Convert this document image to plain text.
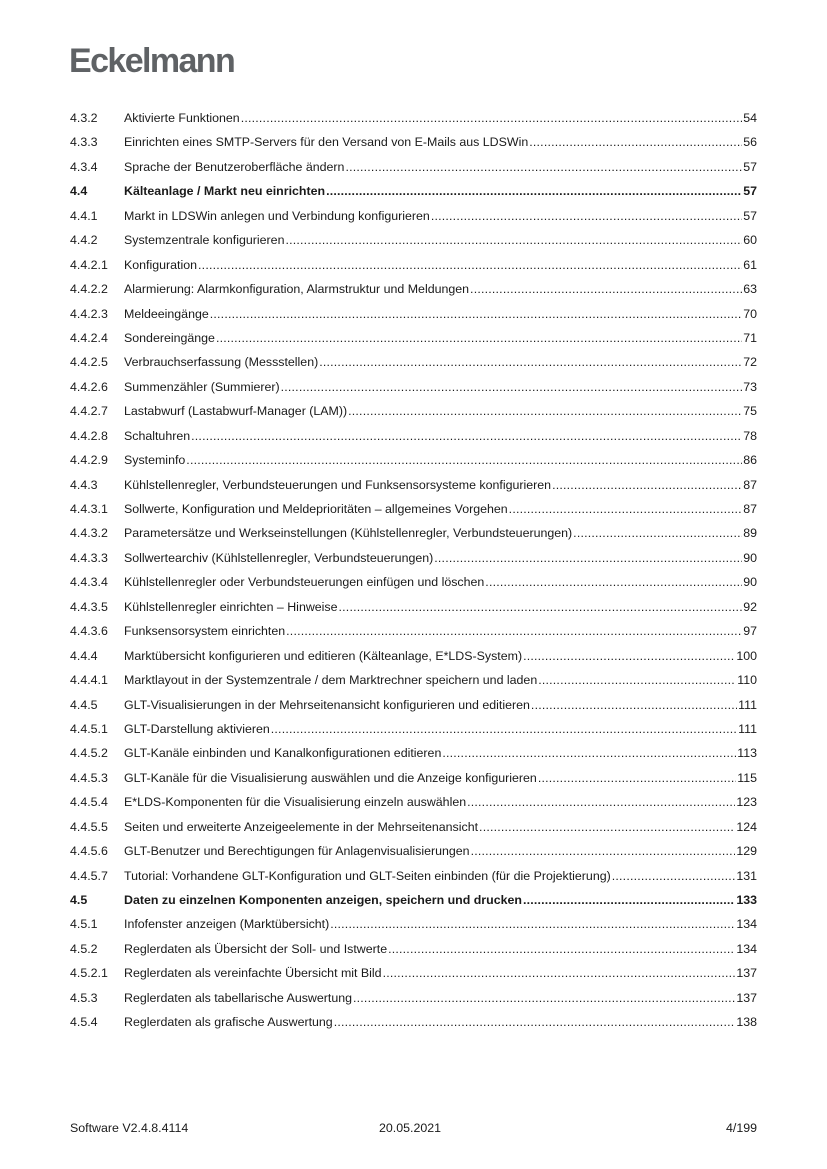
Eckelmann
4.3.2	Aktivierte Funktionen .....	54
4.3.3	Einrichten eines SMTP-Servers für den Versand von E-Mails aus LDSWin .....	56
4.3.4	Sprache der Benutzeroberfläche ändern .....	57
4.4	Kälteanlage / Markt neu einrichten .....	57
4.4.1	Markt in LDSWin anlegen und Verbindung konfigurieren .....	57
4.4.2	Systemzentrale konfigurieren .....	60
4.4.2.1	Konfiguration .....	61
4.4.2.2	Alarmierung: Alarmkonfiguration, Alarmstruktur und Meldungen .....	63
4.4.2.3	Meldeeingänge .....	70
4.4.2.4	Sondereingänge .....	71
4.4.2.5	Verbrauchserfassung (Messstellen) .....	72
4.4.2.6	Summenzähler (Summierer) .....	73
4.4.2.7	Lastabwurf (Lastabwurf-Manager (LAM)) .....	75
4.4.2.8	Schaltuhren .....	78
4.4.2.9	Systeminfo .....	86
4.4.3	Kühlstellenregler, Verbundsteuerungen und Funksensorsysteme konfigurieren .....	87
4.4.3.1	Sollwerte, Konfiguration und Meldeprioritäten – allgemeines Vorgehen .....	87
4.4.3.2	Parametersätze und Werkseinstellungen (Kühlstellenregler, Verbundsteuerungen) .....	89
4.4.3.3	Sollwertearchiv (Kühlstellenregler, Verbundsteuerungen) .....	90
4.4.3.4	Kühlstellenregler oder Verbundsteuerungen einfügen und löschen .....	90
4.4.3.5	Kühlstellenregler einrichten – Hinweise .....	92
4.4.3.6	Funksensorsystem einrichten .....	97
4.4.4	Marktübersicht konfigurieren und editieren (Kälteanlage, E*LDS-System) .....	100
4.4.4.1	Marktlayout in der Systemzentrale / dem Marktrechner speichern und laden .....	110
4.4.5	GLT-Visualisierungen in der Mehrseitenansicht konfigurieren und editieren .....	111
4.4.5.1	GLT-Darstellung aktivieren .....	111
4.4.5.2	GLT-Kanäle einbinden und Kanalkonfigurationen editieren .....	113
4.4.5.3	GLT-Kanäle für die Visualisierung auswählen und die Anzeige konfigurieren .....	115
4.4.5.4	E*LDS-Komponenten für die Visualisierung einzeln auswählen .....	123
4.4.5.5	Seiten und erweiterte Anzeigeelemente in der Mehrseitenansicht .....	124
4.4.5.6	GLT-Benutzer und Berechtigungen für Anlagenvisualisierungen .....	129
4.4.5.7	Tutorial: Vorhandene GLT-Konfiguration und GLT-Seiten einbinden (für die Projektierung) .....	131
4.5	Daten zu einzelnen Komponenten anzeigen, speichern und drucken .....	133
4.5.1	Infofenster anzeigen (Marktübersicht) .....	134
4.5.2	Reglerdaten als Übersicht der Soll- und Istwerte .....	134
4.5.2.1	Reglerdaten als vereinfachte Übersicht mit Bild .....	137
4.5.3	Reglerdaten als tabellarische Auswertung .....	137
4.5.4	Reglerdaten als grafische Auswertung .....	138
Software V2.4.8.4114	20.05.2021	4/199
